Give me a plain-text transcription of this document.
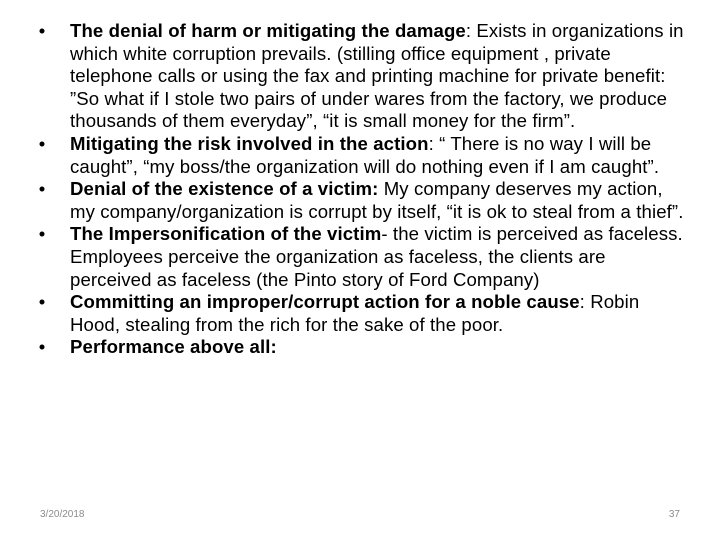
• The denial of harm or mitigating the damage: Exists in organizations in which white corruption prevails. (stilling office equipment , private telephone calls or using the fax and printing machine for private benefit: ”So what if I stole two pairs of under wares from the factory, we produce thousands of them everyday”, “it is small money for the firm”.
• Mitigating the risk involved in the action: “ There is no way I will be caught”, “my boss/the organization will do nothing even if I am caught”.
• Denial of the existence of a victim: My company deserves my action, my company/organization is corrupt by itself, “it is ok to steal from a thief”.
• The Impersonification of the victim- the victim is perceived as faceless. Employees perceive the organization as faceless, the clients are perceived as faceless (the Pinto story of Ford Company)
• Committing an improper/corrupt action for a noble cause: Robin Hood, stealing from the rich for the sake of the poor.
• Performance above all:
3/20/2018	37
